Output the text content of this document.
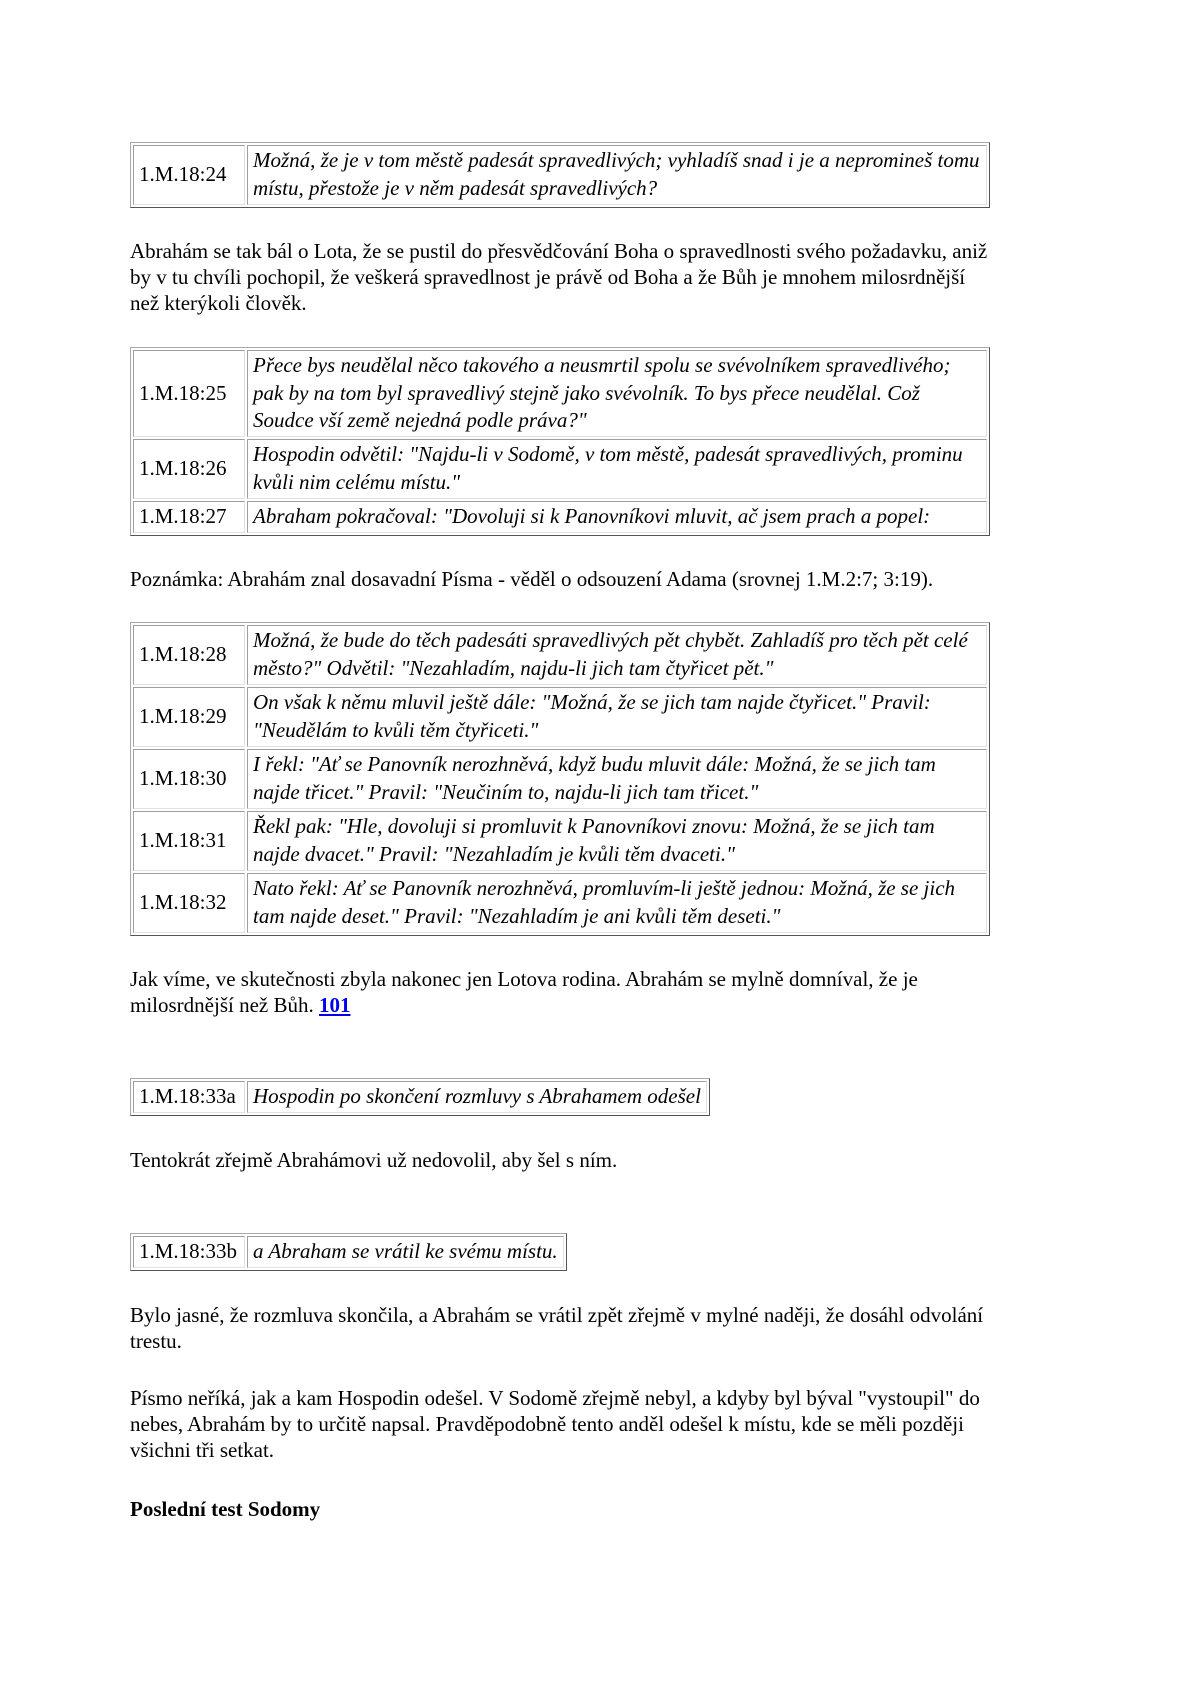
1.M.18:24	Možná, že je v tom městě padesát spravedlivých; vyhladíš snad i je a nepromineš tomu místu, přestože je v něm padesát spravedlivých?

Abrahám se tak bál o Lota, že se pustil do přesvědčování Boha o spravedlnosti svého požadavku, aniž by v tu chvíli pochopil, že veškerá spravedlnost je právě od Boha a že Bůh je mnohem milosrdnější než kterýkoli člověk.

1.M.18:25	Přece bys neudělal něco takového a neusmrtil spolu se svévolníkem spravedlivého; pak by na tom byl spravedlivý stejně jako svévolník. To bys přece neudělal. Což Soudce vší země nejedná podle práva?"
1.M.18:26	Hospodin odvětil: "Najdu-li v Sodomě, v tom městě, padesát spravedlivých, prominu kvůli nim celému místu."
1.M.18:27	Abraham pokračoval: "Dovoluji si k Panovníkovi mluvit, ač jsem prach a popel:

Poznámka: Abrahám znal dosavadní Písma - věděl o odsouzení Adama (srovnej 1.M.2:7; 3:19).

1.M.18:28	Možná, že bude do těch padesáti spravedlivých pět chybět. Zahladíš pro těch pět celé město?" Odvětil: "Nezahladím, najdu-li jich tam čtyřicet pět."
1.M.18:29	On však k němu mluvil ještě dále: "Možná, že se jich tam najde čtyřicet." Pravil: "Neudělám to kvůli těm čtyřiceti."
1.M.18:30	I řekl: "Ať se Panovník nerozhněvá, když budu mluvit dále: Možná, že se jich tam najde třicet." Pravil: "Neučiním to, najdu-li jich tam třicet."
1.M.18:31	Řekl pak: "Hle, dovoluji si promluvit k Panovníkovi znovu: Možná, že se jich tam najde dvacet." Pravil: "Nezahladím je kvůli těm dvaceti."
1.M.18:32	Nato řekl: Ať se Panovník nerozhněvá, promluvím-li ještě jednou: Možná, že se jich tam najde deset." Pravil: "Nezahladím je ani kvůli těm deseti."

Jak víme, ve skutečnosti zbyla nakonec jen Lotova rodina. Abrahám se mylně domníval, že je milosrdnější než Bůh. 101

1.M.18:33a	Hospodin po skončení rozmluvy s Abrahamem odešel

Tentokrát zřejmě Abrahámovi už nedovolil, aby šel s ním.

1.M.18:33b	a Abraham se vrátil ke svému místu.

Bylo jasné, že rozmluva skončila, a Abrahám se vrátil zpět zřejmě v mylné naději, že dosáhl odvolání trestu.

Písmo neříká, jak a kam Hospodin odešel. V Sodomě zřejmě nebyl, a kdyby byl býval "vystoupil" do nebes, Abrahám by to určitě napsal. Pravděpodobně tento anděl odešel k místu, kde se měli později všichni tři setkat.

Poslední test Sodomy
